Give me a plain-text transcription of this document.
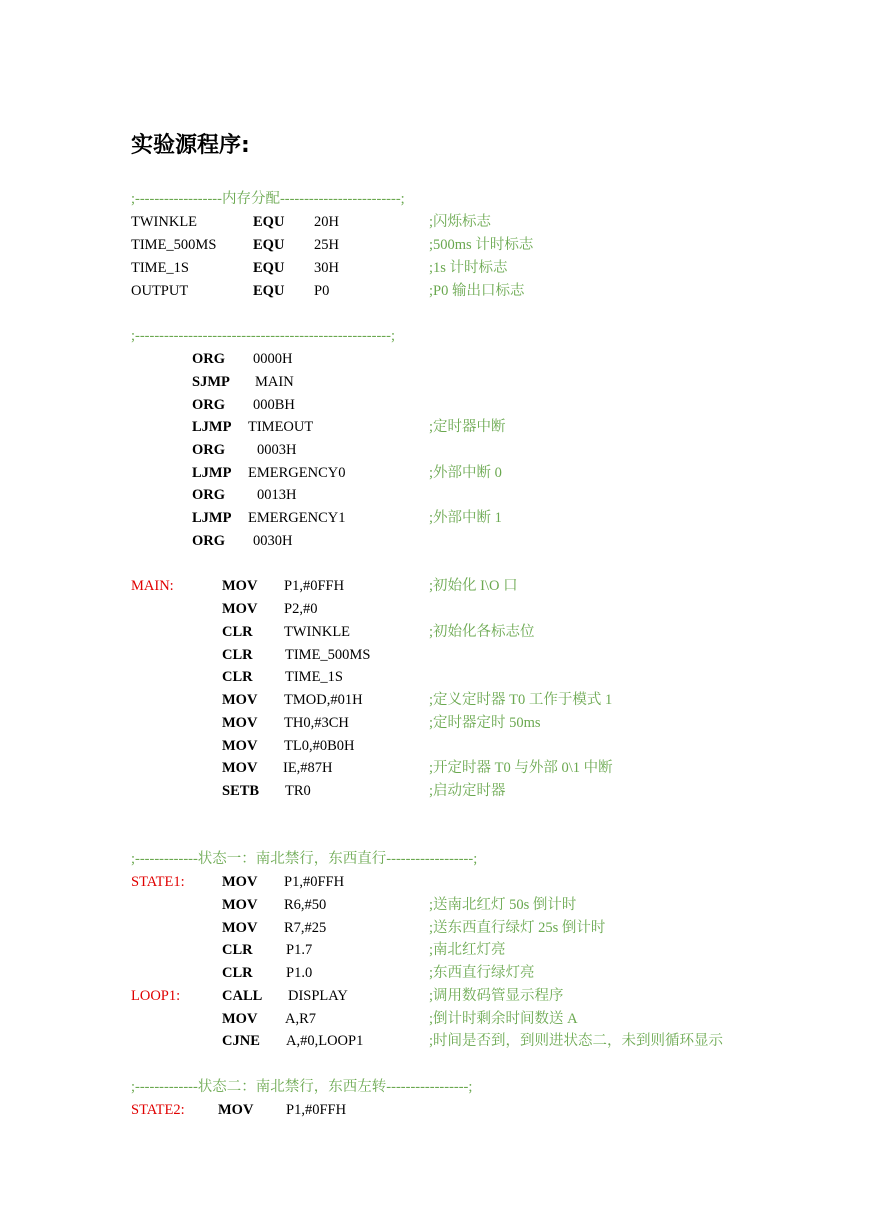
实验源程序:
;------------------内存分配-------------------------;
TWINKLE	EQU 20H	;闪烁标志
TIME_500MS	EQU 25H	;500ms 计时标志
TIME_1S	EQU 30H	;1s 计时标志
OUTPUT	EQU P0	;P0 输出口标志
;-----------------------------------------------------;
ORG 0000H
SJMP MAIN
ORG 000BH
LJMP TIMEOUT	;定时器中断
ORG 0003H
LJMP EMERGENCY0	;外部中断 0
ORG 0013H
LJMP EMERGENCY1	;外部中断 1
ORG 0030H
MAIN:	MOV P1,#0FFH	;初始化 I\O 口
MOV P2,#0
CLR TWINKLE	;初始化各标志位
CLR TIME_500MS
CLR TIME_1S
MOV TMOD,#01H	;定义定时器 T0 工作于模式 1
MOV TH0,#3CH	;定时器定时 50ms
MOV TL0,#0B0H
MOV IE,#87H	;开定时器 T0 与外部 0\1 中断
SETB TR0	;启动定时器
;-------------状态一：南北禁行，东西直行------------------;
STATE1:	MOV P1,#0FFH
MOV R6,#50	;送南北红灯 50s 倒计时
MOV R7,#25	;送东西直行绿灯 25s 倒计时
CLR P1.7	;南北红灯亮
CLR P1.0	;东西直行绿灯亮
LOOP1:	CALL DISPLAY	;调用数码管显示程序
MOV A,R7	;倒计时剩余时间数送 A
CJNE A,#0,LOOP1	;时间是否到，到则进状态二，未到则循环显示
;-------------状态二：南北禁行，东西左转-----------------;
STATE2: MOV P1,#0FFH
